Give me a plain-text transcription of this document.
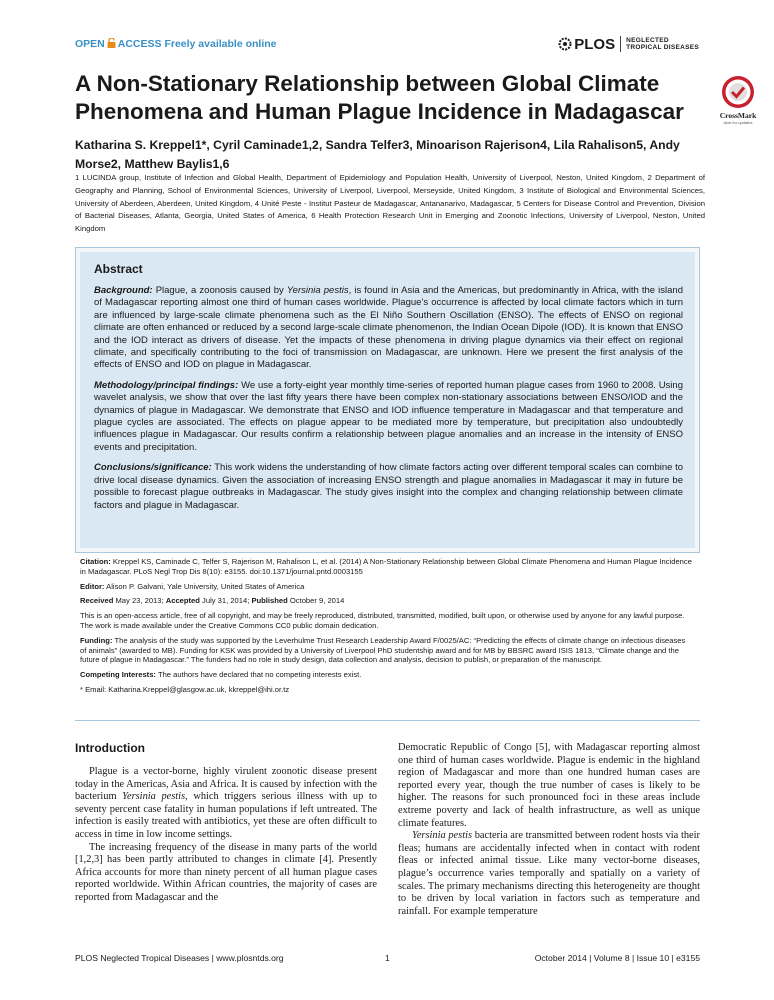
OPEN ACCESS Freely available online	PLOS NEGLECTED
TROPICAL DISEASES
A Non-Stationary Relationship between Global Climate Phenomena and Human Plague Incidence in Madagascar	CrossMark
click for updates

Katharina S. Kreppel1*, Cyril Caminade1,2, Sandra Telfer3, Minoarison Rajerison4, Lila Rahalison5, Andy Morse2, Matthew Baylis1,6

1 LUCINDA group, Institute of Infection and Global Health, Department of Epidemiology and Population Health, University of Liverpool, Neston, United Kingdom, 2 Department of Geography and Planning, School of Environmental Sciences, University of Liverpool, Liverpool, Merseyside, United Kingdom, 3 Institute of Biological and Environmental Sciences, University of Aberdeen, Aberdeen, United Kingdom, 4 Unité Peste - Institut Pasteur de Madagascar, Antananarivo, Madagascar, 5 Centers for Disease Control and Prevention, Division of Bacterial Diseases, Atlanta, Georgia, United States of America, 6 Health Protection Research Unit in Emerging and Zoonotic Infections, University of Liverpool, Neston, United Kingdom

Abstract

Background: Plague, a zoonosis caused by Yersinia pestis, is found in Asia and the Americas, but predominantly in Africa, with the island of Madagascar reporting almost one third of human cases worldwide. Plague’s occurrence is affected by local climate factors which in turn are influenced by large-scale climate phenomena such as the El Niño Southern Oscillation (ENSO). The effects of ENSO on regional climate are often enhanced or reduced by a second large-scale climate phenomenon, the Indian Ocean Dipole (IOD). It is known that ENSO and the IOD interact as drivers of disease. Yet the impacts of these phenomena in driving plague dynamics via their effect on regional climate, and specifically contributing to the foci of transmission on Madagascar, are unknown. Here we present the first analysis of the effects of ENSO and IOD on plague in Madagascar.

Methodology/principal findings: We use a forty-eight year monthly time-series of reported human plague cases from 1960 to 2008. Using wavelet analysis, we show that over the last fifty years there have been complex non-stationary associations between ENSO/IOD and the dynamics of plague in Madagascar. We demonstrate that ENSO and IOD influence temperature in Madagascar and that temperature and plague cycles are associated. The effects on plague appear to be mediated more by temperature, but precipitation also undoubtedly influences plague in Madagascar. Our results confirm a relationship between plague anomalies and an increase in the intensity of ENSO events and precipitation.

Conclusions/significance: This work widens the understanding of how climate factors acting over different temporal scales can combine to drive local disease dynamics. Given the association of increasing ENSO strength and plague anomalies in Madagascar it may in future be possible to forecast plague outbreaks in Madagascar. The study gives insight into the complex and changing relationship between climate factors and plague in Madagascar.

Citation: Kreppel KS, Caminade C, Telfer S, Rajerison M, Rahalison L, et al. (2014) A Non-Stationary Relationship between Global Climate Phenomena and Human Plague Incidence in Madagascar. PLoS Negl Trop Dis 8(10): e3155. doi:10.1371/journal.pntd.0003155

Editor: Alison P. Galvani, Yale University, United States of America

Received May 23, 2013; Accepted July 31, 2014; Published October 9, 2014

This is an open-access article, free of all copyright, and may be freely reproduced, distributed, transmitted, modified, built upon, or otherwise used by anyone for any lawful purpose. The work is made available under the Creative Commons CC0 public domain dedication.

Funding: The analysis of the study was supported by the Leverhulme Trust Research Leadership Award F/0025/AC: “Predicting the effects of climate change on infectious diseases of animals” (awarded to MB). Funding for KSK was provided by a University of Liverpool PhD studentship award and for MB by BBSRC award ISIS 1813, “Climate change and the future of plague in Madagascar.” The funders had no role in study design, data collection and analysis, decision to publish, or preparation of the manuscript.

Competing Interests: The authors have declared that no competing interests exist.

* Email: Katharina.Kreppel@glasgow.ac.uk, kkreppel@ihi.or.tz

Introduction

Plague is a vector-borne, highly virulent zoonotic disease present today in the Americas, Asia and Africa. It is caused by infection with the bacterium Yersinia pestis, which triggers serious illness with up to seventy percent case fatality in human populations if left untreated. The infection is easily treated with antibiotics, yet these are often difficult to access in time in low income settings.

The increasing frequency of the disease in many parts of the world [1,2,3] has been partly attributed to changes in climate [4]. Presently Africa accounts for more than ninety percent of all human plague cases reported worldwide. Within African countries, the majority of cases are reported from Madagascar and the

Democratic Republic of Congo [5], with Madagascar reporting almost one third of human cases worldwide. Plague is endemic in the highland region of Madagascar and more than one hundred human cases are reported every year, though the true number of cases is likely to be higher. The reasons for such pronounced foci in these areas include extreme poverty and lack of health infrastructure, as well as unique climate features.

Yersinia pestis bacteria are transmitted between rodent hosts via their fleas; humans are accidentally infected when in contact with rodent fleas or infected animal tissue. Like many vector-borne diseases, plague’s occurrence varies temporally and spatially on a variety of scales. The primary mechanisms directing this heterogeneity are thought to be driven by local variation in factors such as temperature and rainfall. For example temperature

PLOS Neglected Tropical Diseases | www.plosntds.org	1	October 2014 | Volume 8 | Issue 10 | e3155
